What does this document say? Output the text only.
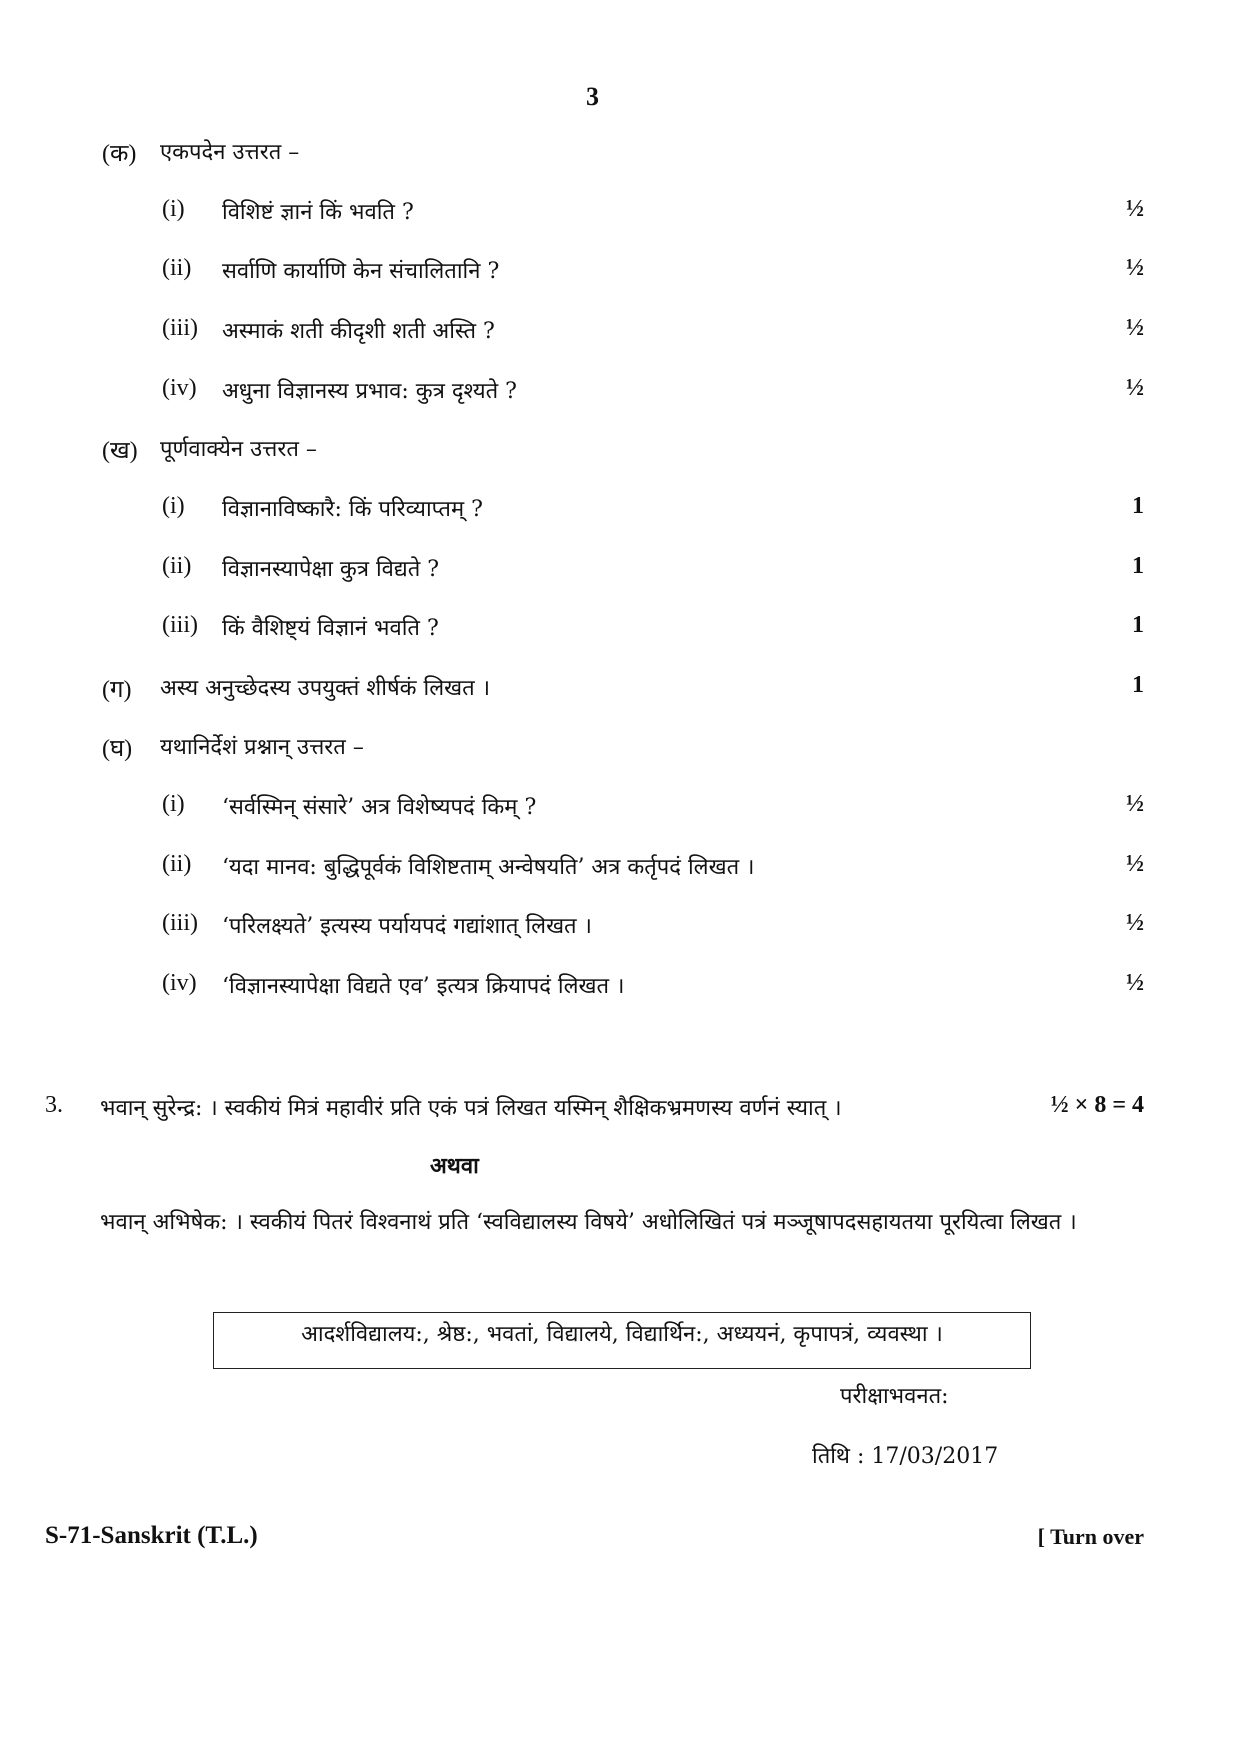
3
(क) एकपदेन उत्तरत –
(i) विशिष्टं ज्ञानं किं भवति ?	½
(ii) सर्वाणि कार्याणि केन संचालितानि ?	½
(iii) अस्माकं शती कीदृशी शती अस्ति ?	½
(iv) अधुना विज्ञानस्य प्रभाव: कुत्र दृश्यते ?	½
(ख) पूर्णवाक्येन उत्तरत –
(i) विज्ञानाविष्कारै: किं परिव्याप्तम् ?	1
(ii) विज्ञानस्यापेक्षा कुत्र विद्यते ?	1
(iii) किं वैशिष्ट्यं विज्ञानं भवति ?	1
(ग) अस्य अनुच्छेदस्य उपयुक्तं शीर्षकं लिखत ।	1
(घ) यथानिर्देशं प्रश्नान् उत्तरत –
(i) ‘सर्वस्मिन् संसारे’ अत्र विशेष्यपदं किम् ?	½
(ii) ‘यदा मानव: बुद्धिपूर्वकं विशिष्टताम् अन्वेषयति’ अत्र कर्तृपदं लिखत ।	½
(iii) ‘परिलक्ष्यते’ इत्यस्य पर्यायपदं गद्यांशात् लिखत ।	½
(iv) ‘विज्ञानस्यापेक्षा विद्यते एव’ इत्यत्र क्रियापदं लिखत ।	½
3. भवान् सुरेन्द्र: । स्वकीयं मित्रं महावीरं प्रति एकं पत्रं लिखत यस्मिन् शैक्षिकभ्रमणस्य वर्णनं स्यात् ।	½ × 8 = 4
अथवा
भवान् अभिषेक: । स्वकीयं पितरं विश्वनाथं प्रति ‘स्वविद्यालस्य विषये’ अधोलिखितं पत्रं मञ्जूषापदसहायतया पूरयित्वा लिखत ।
आदर्शविद्यालय:, श्रेष्ठ:, भवतां, विद्यालये, विद्यार्थिन:, अध्ययनं, कृपापत्रं, व्यवस्था ।
परीक्षाभवनत:
तिथि : 17/03/2017
S-71-Sanskrit (T.L.)	[ Turn over
